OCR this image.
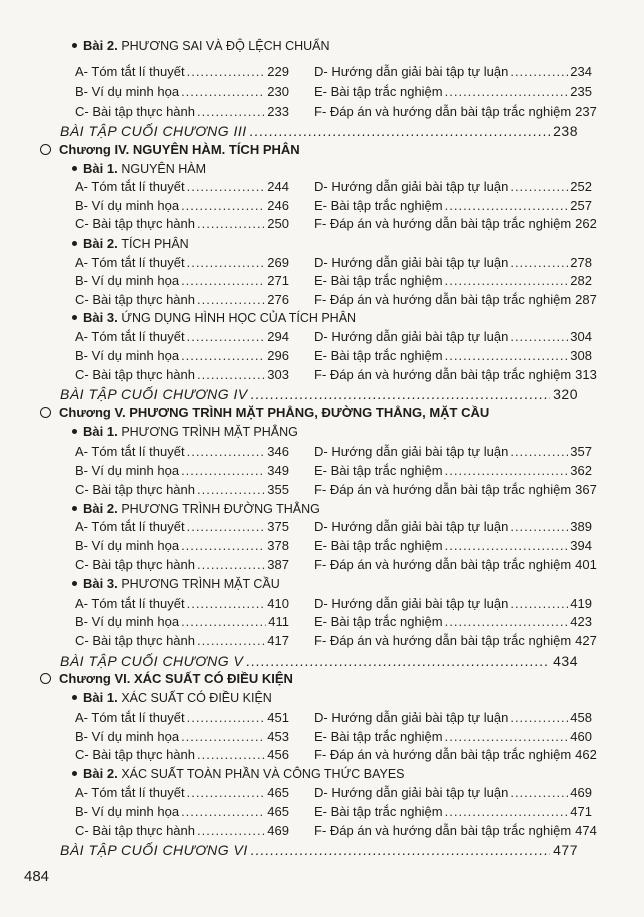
Bài 2. PHƯƠNG SAI VÀ ĐỘ LỆCH CHUẨN
A- Tóm tắt lí thuyết .....	229 D- Hướng dẫn giải bài tập tự luận .....	234
B- Ví dụ minh họa .....	230 E- Bài tập trắc nghiệm .....	235
C- Bài tập thực hành .....	233 F- Đáp án và hướng dẫn bài tập trắc nghiệm 237
BÀI TẬP CUỐI CHƯƠNG III .....	238
Chương IV. NGUYÊN HÀM. TÍCH PHÂN
Bài 1. NGUYÊN HÀM
A- Tóm tắt lí thuyết .....	244 D- Hướng dẫn giải bài tập tự luận .....	252
B- Ví dụ minh họa .....	246 E- Bài tập trắc nghiệm .....	257
C- Bài tập thực hành .....	250 F- Đáp án và hướng dẫn bài tập trắc nghiệm 262
Bài 2. TÍCH PHÂN
A- Tóm tắt lí thuyết .....	269 D- Hướng dẫn giải bài tập tự luận .....	278
B- Ví dụ minh họa .....	271 E- Bài tập trắc nghiệm .....	282
C- Bài tập thực hành .....	276 F- Đáp án và hướng dẫn bài tập trắc nghiệm 287
Bài 3. ỨNG DỤNG HÌNH HỌC CỦA TÍCH PHÂN
A- Tóm tắt lí thuyết .....	294 D- Hướng dẫn giải bài tập tự luận .....	304
B- Ví dụ minh họa .....	296 E- Bài tập trắc nghiệm .....	308
C- Bài tập thực hành .....	303 F- Đáp án và hướng dẫn bài tập trắc nghiệm 313
BÀI TẬP CUỐI CHƯƠNG IV .....	320
Chương V. PHƯƠNG TRÌNH MẶT PHẲNG, ĐƯỜNG THẲNG, MẶT CẦU
Bài 1. PHƯƠNG TRÌNH MẶT PHẲNG
A- Tóm tắt lí thuyết .....	346 D- Hướng dẫn giải bài tập tự luận .....	357
B- Ví dụ minh họa .....	349 E- Bài tập trắc nghiệm .....	362
C- Bài tập thực hành .....	355 F- Đáp án và hướng dẫn bài tập trắc nghiệm 367
Bài 2. PHƯƠNG TRÌNH ĐƯỜNG THẲNG
A- Tóm tắt lí thuyết .....	375 D- Hướng dẫn giải bài tập tự luận .....	389
B- Ví dụ minh họa .....	378 E- Bài tập trắc nghiệm .....	394
C- Bài tập thực hành .....	387 F- Đáp án và hướng dẫn bài tập trắc nghiệm 401
Bài 3. PHƯƠNG TRÌNH MẶT CẦU
A- Tóm tắt lí thuyết .....	410 D- Hướng dẫn giải bài tập tự luận .....	419
B- Ví dụ minh họa .....	411 E- Bài tập trắc nghiệm .....	423
C- Bài tập thực hành .....	417 F- Đáp án và hướng dẫn bài tập trắc nghiệm 427
BÀI TẬP CUỐI CHƯƠNG V .....	434
Chương VI. XÁC SUẤT CÓ ĐIỀU KIỆN
Bài 1. XÁC SUẤT CÓ ĐIỀU KIỆN
A- Tóm tắt lí thuyết .....	451 D- Hướng dẫn giải bài tập tự luận .....	458
B- Ví dụ minh họa .....	453 E- Bài tập trắc nghiệm .....	460
C- Bài tập thực hành .....	456 F- Đáp án và hướng dẫn bài tập trắc nghiệm 462
Bài 2. XÁC SUẤT TOÀN PHẦN VÀ CÔNG THỨC BAYES
A- Tóm tắt lí thuyết .....	465 D- Hướng dẫn giải bài tập tự luận .....	469
B- Ví dụ minh họa .....	465 E- Bài tập trắc nghiệm .....	471
C- Bài tập thực hành .....	469 F- Đáp án và hướng dẫn bài tập trắc nghiệm 474
BÀI TẬP CUỐI CHƯƠNG VI .....	477
484
